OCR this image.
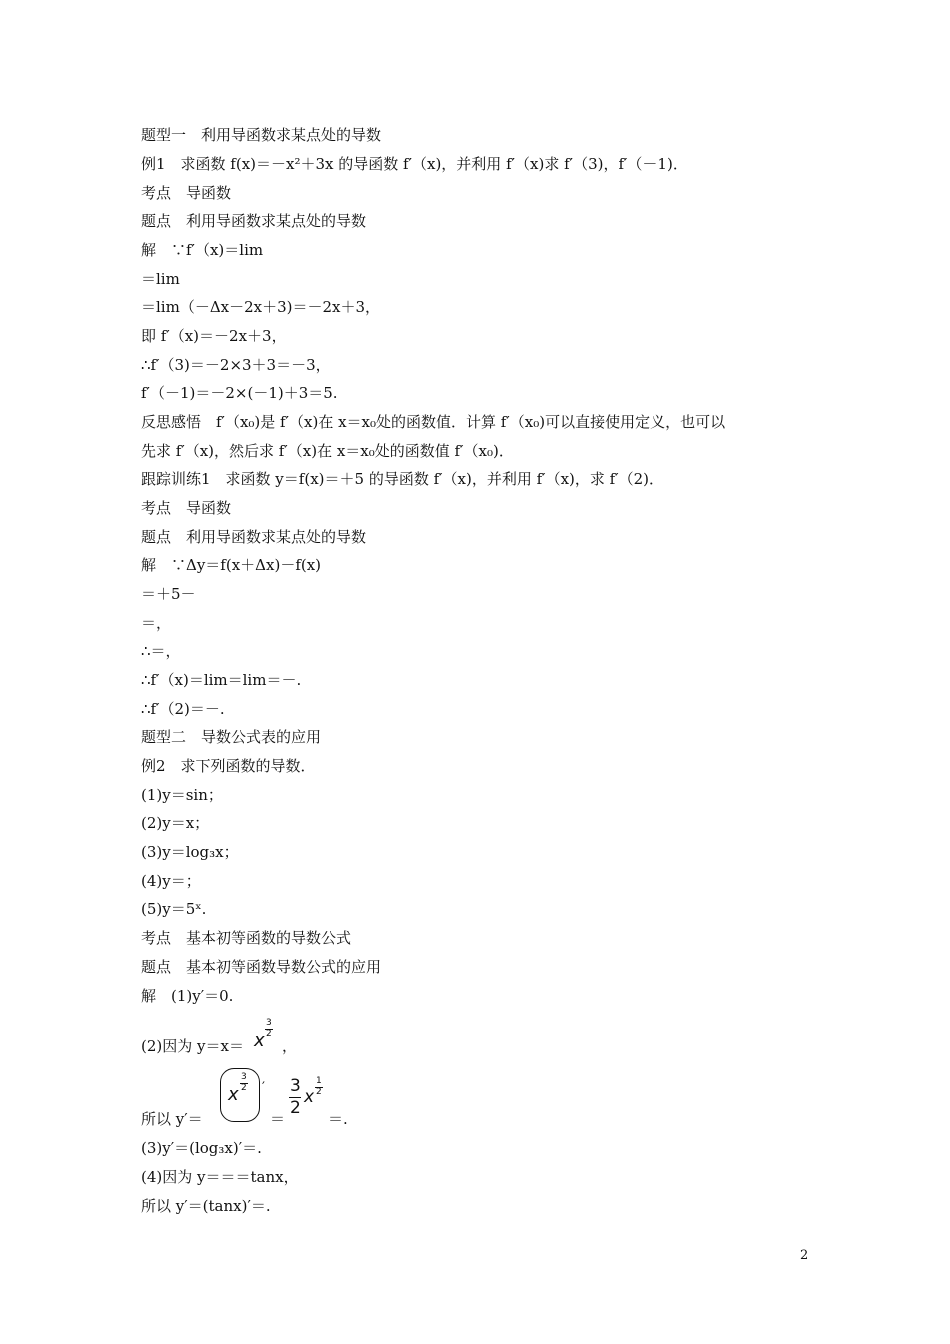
题型一　利用导函数求某点处的导数
例1　求函数 f(x)＝－x²＋3x 的导函数 f′（x)，并利用 f′（x)求 f′（3)，f′（－1)．
考点　导函数
题点　利用导函数求某点处的导数
解　∵f′（x)＝lim
＝lim
＝lim（－Δx－2x＋3)＝－2x＋3，
即 f′（x)＝－2x＋3，
∴f′（3)＝－2×3＋3＝－3，
f′（－1)＝－2×(－1)＋3＝5.
反思感悟　f′（x₀)是 f′（x)在 x＝x₀处的函数值．计算 f′（x₀)可以直接使用定义，也可以
先求 f′（x)，然后求 f′（x)在 x＝x₀处的函数值 f′（x₀)．
跟踪训练1　求函数 y＝f(x)＝＋5 的导函数 f′（x)，并利用 f′（x)，求 f′（2)．
考点　导函数
题点　利用导函数求某点处的导数
解　∵Δy＝f(x＋Δx)－f(x)
＝＋5－
＝，
∴＝，
∴f′（x)＝lim＝lim＝－.
∴f′（2)＝－.
题型二　导数公式表的应用
例2　求下列函数的导数．
(1)y＝sin；
(2)y＝x；
(3)y＝log₃x；
(4)y＝；
(5)y＝5ˣ.
考点　基本初等函数的导数公式
题点　基本初等函数导数公式的应用
解　(1)y′＝0.
(2)因为 y＝x＝ x
3
2
，
所以 y′＝
x
3
2 ′
＝
3
2
x
1
2
＝.
(3)y′＝(log₃x)′＝.
(4)因为 y＝＝＝tanx，
所以 y′＝(tanx)′＝.
2
